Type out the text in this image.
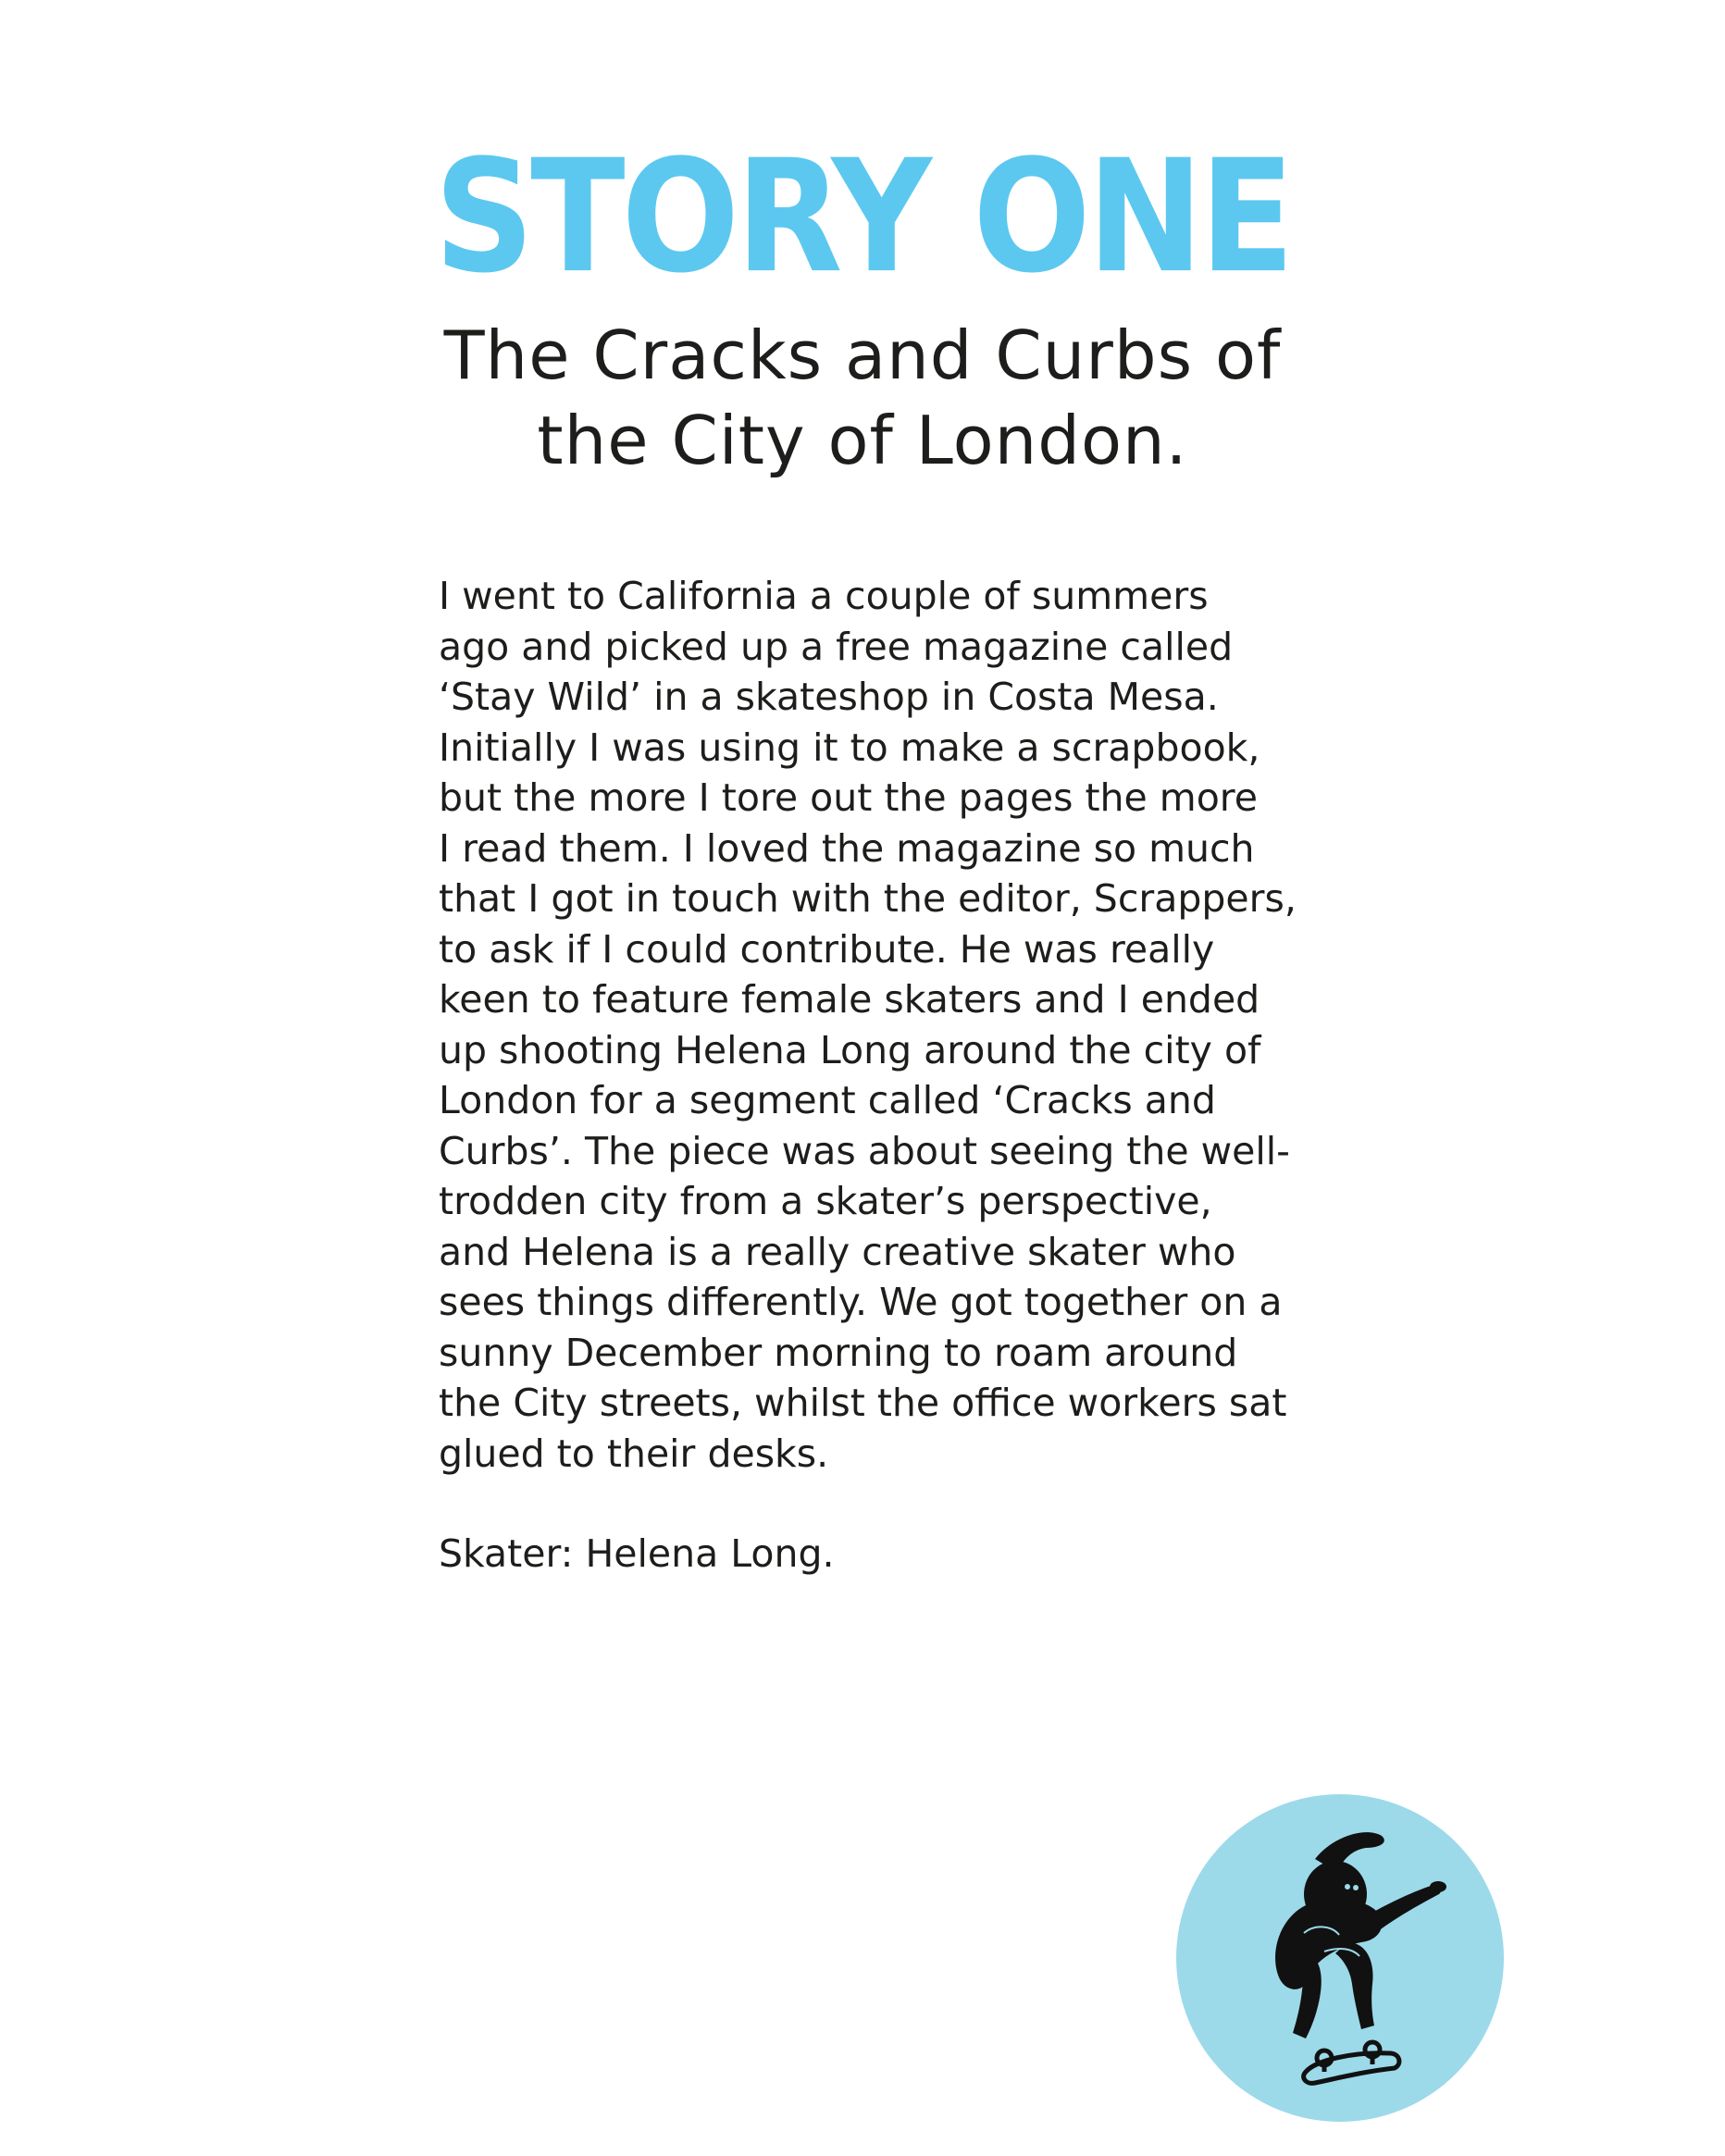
STORY ONE
The Cracks and Curbs of
the City of London.
I went to California a couple of summers
ago and picked up a free magazine called
‘Stay Wild’ in a skateshop in Costa Mesa.
Initially I was using it to make a scrapbook,
but the more I tore out the pages the more
I read them. I loved the magazine so much
that I got in touch with the editor, Scrappers,
to ask if I could contribute. He was really
keen to feature female skaters and I ended
up shooting Helena Long around the city of
London for a segment called ‘Cracks and
Curbs’. The piece was about seeing the well-
trodden city from a skater’s perspective,
and Helena is a really creative skater who
sees things differently. We got together on a
sunny December morning to roam around
the City streets, whilst the office workers sat
glued to their desks.
Skater: Helena Long.
